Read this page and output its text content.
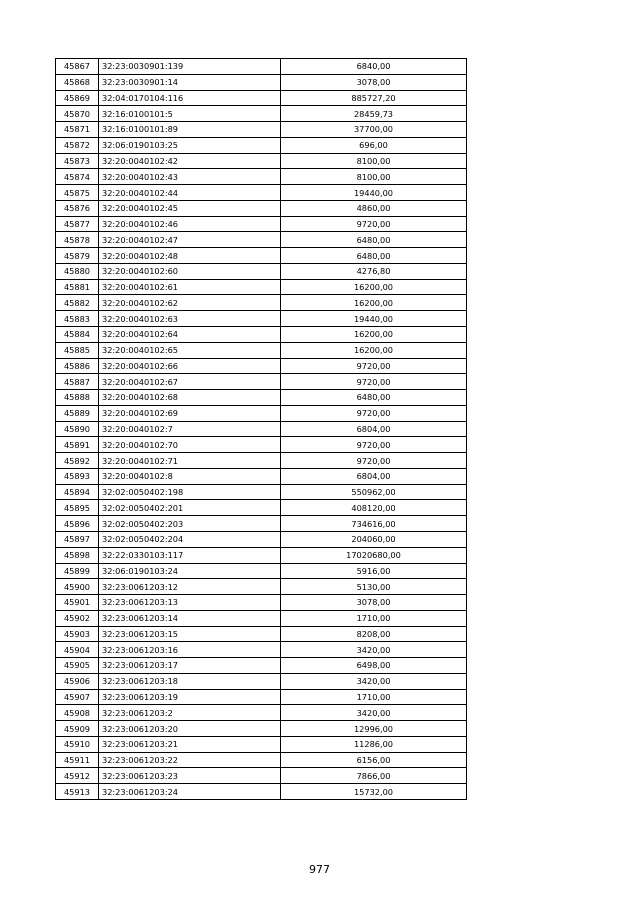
45867	32:23:0030901:139	6840,00
45868	32:23:0030901:14	3078,00
45869	32:04:0170104:116	885727,20
45870	32:16:0100101:5	28459,73
45871	32:16:0100101:89	37700,00
45872	32:06:0190103:25	696,00
45873	32:20:0040102:42	8100,00
45874	32:20:0040102:43	8100,00
45875	32:20:0040102:44	19440,00
45876	32:20:0040102:45	4860,00
45877	32:20:0040102:46	9720,00
45878	32:20:0040102:47	6480,00
45879	32:20:0040102:48	6480,00
45880	32:20:0040102:60	4276,80
45881	32:20:0040102:61	16200,00
45882	32:20:0040102:62	16200,00
45883	32:20:0040102:63	19440,00
45884	32:20:0040102:64	16200,00
45885	32:20:0040102:65	16200,00
45886	32:20:0040102:66	9720,00
45887	32:20:0040102:67	9720,00
45888	32:20:0040102:68	6480,00
45889	32:20:0040102:69	9720,00
45890	32:20:0040102:7	6804,00
45891	32:20:0040102:70	9720,00
45892	32:20:0040102:71	9720,00
45893	32:20:0040102:8	6804,00
45894	32:02:0050402:198	550962,00
45895	32:02:0050402:201	408120,00
45896	32:02:0050402:203	734616,00
45897	32:02:0050402:204	204060,00
45898	32:22:0330103:117	17020680,00
45899	32:06:0190103:24	5916,00
45900	32:23:0061203:12	5130,00
45901	32:23:0061203:13	3078,00
45902	32:23:0061203:14	1710,00
45903	32:23:0061203:15	8208,00
45904	32:23:0061203:16	3420,00
45905	32:23:0061203:17	6498,00
45906	32:23:0061203:18	3420,00
45907	32:23:0061203:19	1710,00
45908	32:23:0061203:2	3420,00
45909	32:23:0061203:20	12996,00
45910	32:23:0061203:21	11286,00
45911	32:23:0061203:22	6156,00
45912	32:23:0061203:23	7866,00
45913	32:23:0061203:24	15732,00
977
